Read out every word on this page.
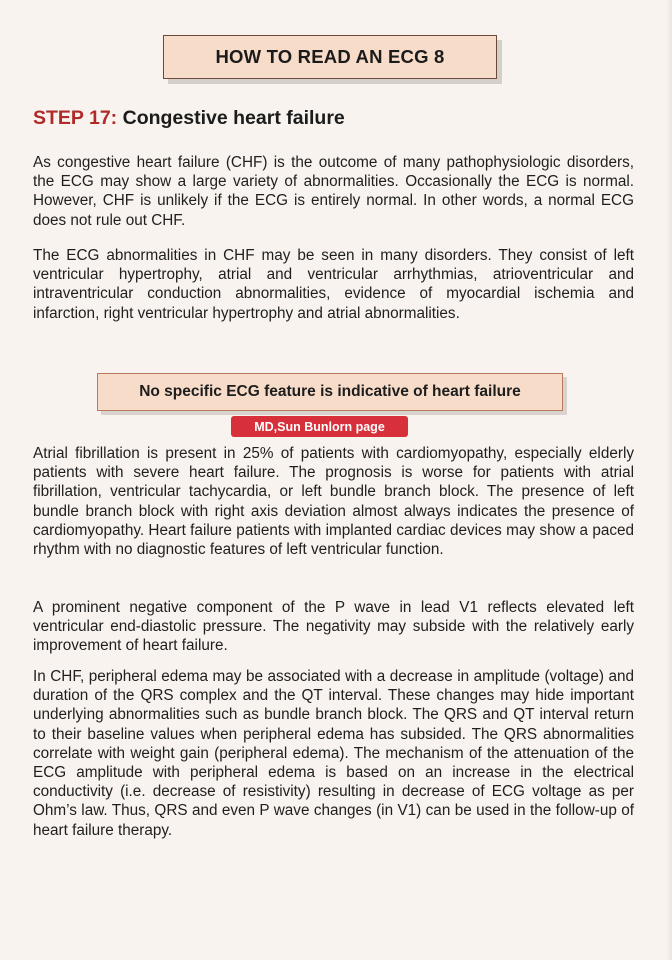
HOW TO READ AN ECG 8
STEP 17: Congestive heart failure

As congestive heart failure (CHF) is the outcome of many pathophysiologic disorders, the ECG may show a large variety of abnormalities. Occasionally the ECG is normal. However, CHF is unlikely if the ECG is entirely normal. In other words, a normal ECG does not rule out CHF.

The ECG abnormalities in CHF may be seen in many disorders. They consist of left ventricular hypertrophy, atrial and ventricular arrhythmias, atrioventricular and intraventricular conduction abnormalities, evidence of myocardial ischemia and infarction, right ventricular hypertrophy and atrial abnormalities.

No specific ECG feature is indicative of heart failure
MD,Sun Bunlorn page

Atrial fibrillation is present in 25% of patients with cardiomyopathy, especially elderly patients with severe heart failure. The prognosis is worse for patients with atrial fibrillation, ventricular tachycardia, or left bundle branch block. The presence of left bundle branch block with right axis deviation almost always indicates the presence of cardiomyopathy. Heart failure patients with implanted cardiac devices may show a paced rhythm with no diagnostic features of left ventricular function.

A prominent negative component of the P wave in lead V1 reflects elevated left ventricular end-diastolic pressure. The negativity may subside with the relatively early improvement of heart failure.

In CHF, peripheral edema may be associated with a decrease in amplitude (voltage) and duration of the QRS complex and the QT interval. These changes may hide important underlying abnormalities such as bundle branch block. The QRS and QT interval return to their baseline values when peripheral edema has subsided. The QRS abnormalities correlate with weight gain (peripheral edema). The mechanism of the attenuation of the ECG amplitude with peripheral edema is based on an increase in the electrical conductivity (i.e. decrease of resistivity) resulting in decrease of ECG voltage as per Ohm’s law. Thus, QRS and even P wave changes (in V1) can be used in the follow-up of heart failure therapy.
